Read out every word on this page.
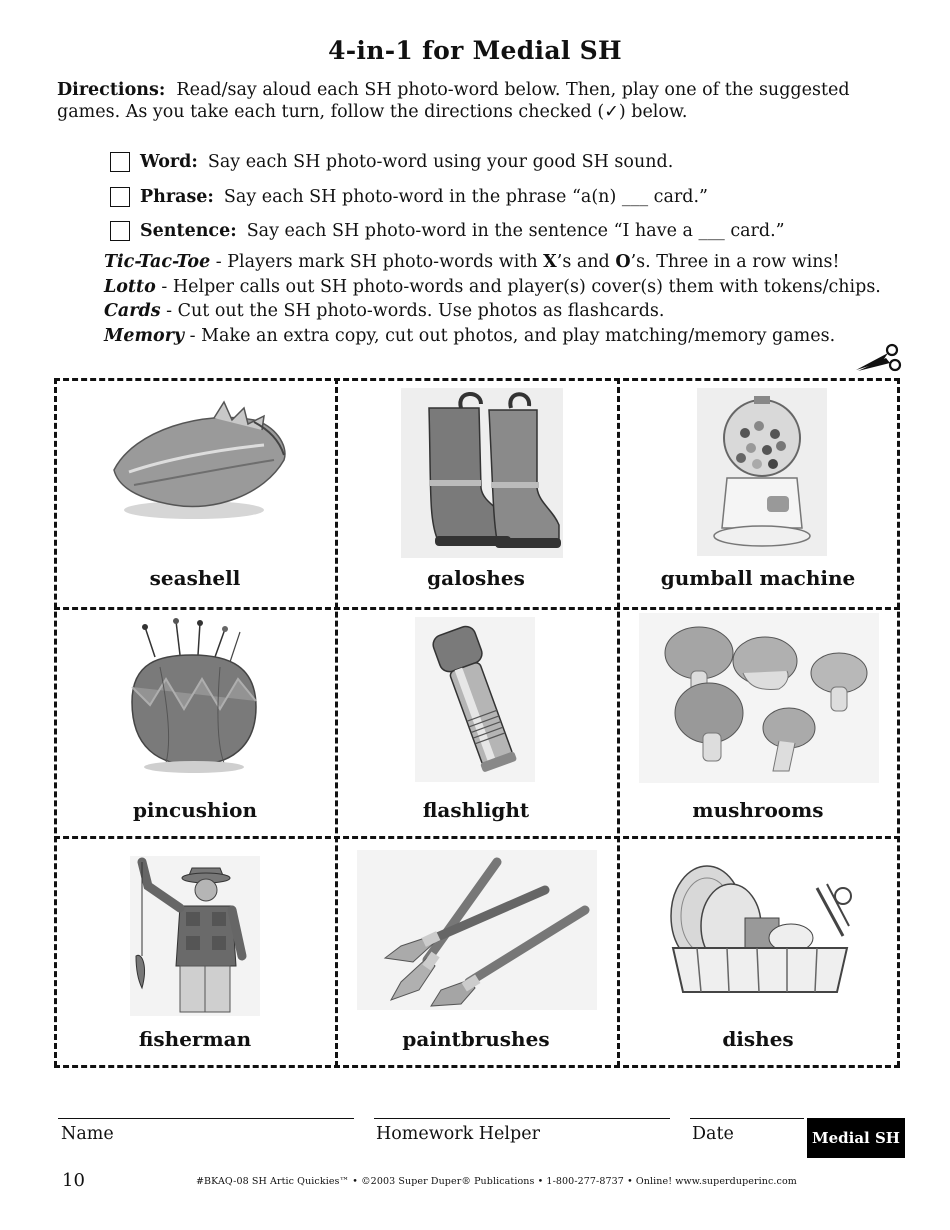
4-in-1 for Medial SH
Directions: Read/say aloud each SH photo-word below. Then, play one of the suggested games. As you take each turn, follow the directions checked (✓) below.
Word: Say each SH photo-word using your good SH sound.
Phrase: Say each SH photo-word in the phrase “a(n) ___ card.”
Sentence: Say each SH photo-word in the sentence “I have a ___ card.”
Tic-Tac-Toe - Players mark SH photo-words with X’s and O’s. Three in a row wins!
Lotto - Helper calls out SH photo-words and player(s) cover(s) them with tokens/chips.
Cards - Cut out the SH photo-words. Use photos as flashcards.
Memory - Make an extra copy, cut out photos, and play matching/memory games.
seashell	galoshes	gumball machine
pincushion	flashlight	mushrooms
fisherman	paintbrushes	dishes
Name	Homework Helper	Date	Medial SH
10	#BKAQ-08 SH Artic Quickies™ • ©2003 Super Duper® Publications • 1-800-277-8737 • Online! www.superduperinc.com
